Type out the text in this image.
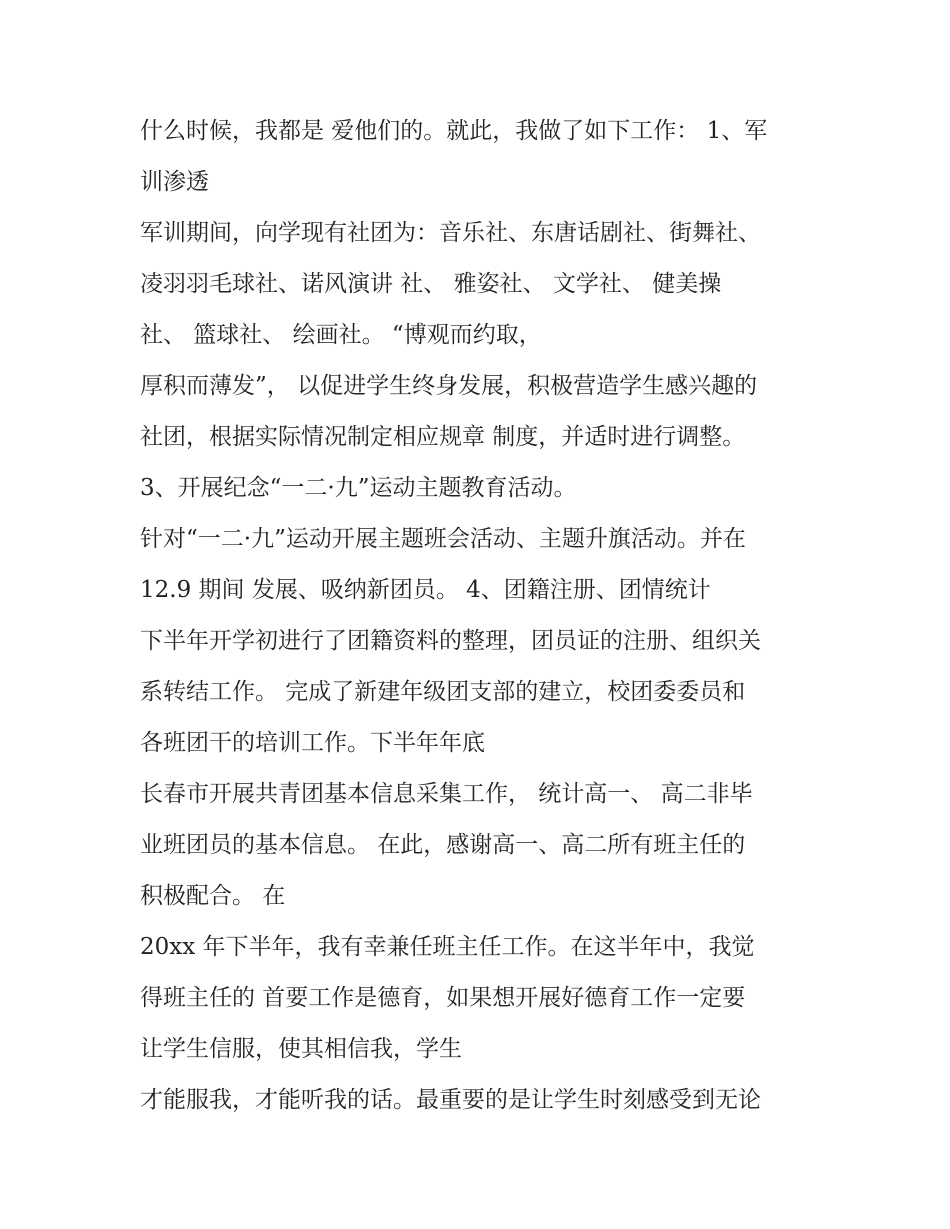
什么时候，我都是 爱他们的。就此，我做了如下工作： 1、军
训渗透
军训期间，向学现有社团为：音乐社、东唐话剧社、街舞社、
凌羽羽毛球社、诺风演讲 社、 雅姿社、 文学社、 健美操
社、 篮球社、 绘画社。 “博观而约取，
厚积而薄发”， 以促进学生终身发展，积极营造学生感兴趣的
社团，根据实际情况制定相应规章 制度，并适时进行调整。
3、开展纪念“一二·九”运动主题教育活动。
针对“一二·九”运动开展主题班会活动、主题升旗活动。并在
12.9 期间 发展、吸纳新团员。 4、团籍注册、团情统计
下半年开学初进行了团籍资料的整理，团员证的注册、组织关
系转结工作。 完成了新建年级团支部的建立，校团委委员和
各班团干的培训工作。下半年年底
长春市开展共青团基本信息采集工作， 统计高一、 高二非毕
业班团员的基本信息。 在此，感谢高一、高二所有班主任的
积极配合。 在
20xx 年下半年，我有幸兼任班主任工作。在这半年中，我觉
得班主任的 首要工作是德育，如果想开展好德育工作一定要
让学生信服，使其相信我，学生
才能服我，才能听我的话。最重要的是让学生时刻感受到无论
